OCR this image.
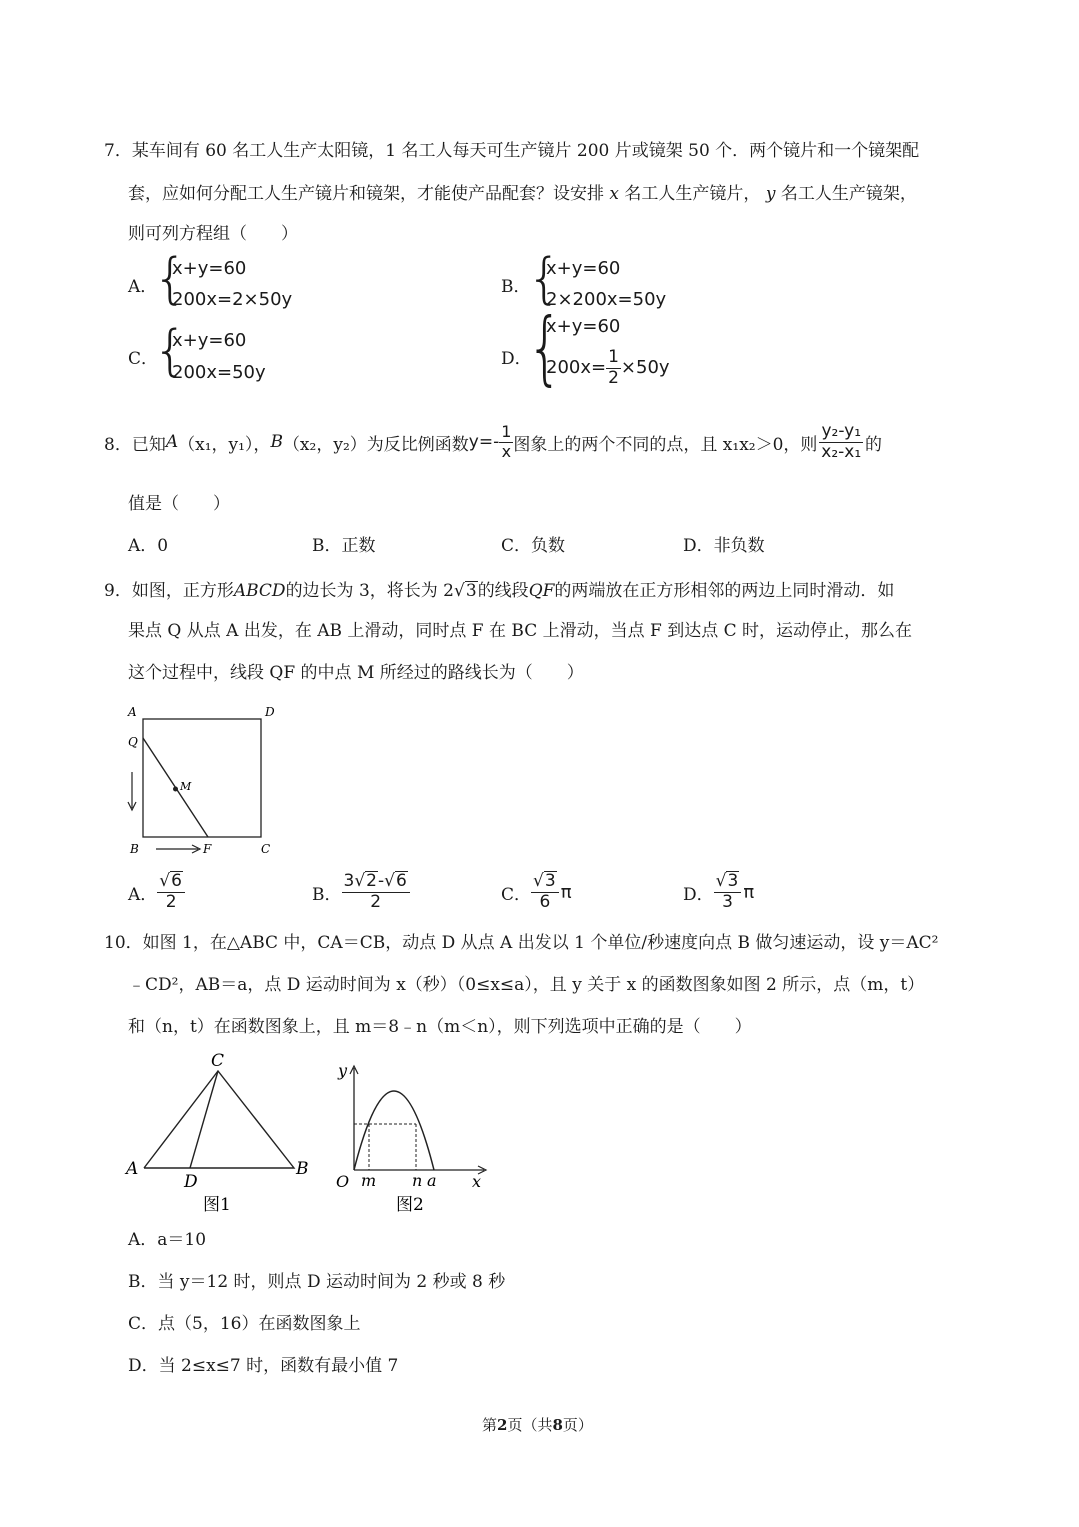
7．某车间有 60 名工人生产太阳镜，1 名工人每天可生产镜片 200 片或镜架 50 个．两个镜片和一个镜架配
套，应如何分配工人生产镜片和镜架，才能使产品配套？设安排 x 名工人生产镜片， y 名工人生产镜架，
则可列方程组（　　）
A．
{
x+y=60
200x=2×50y
B．
{
x+y=60
2×200x=50y
C．
{
x+y=60
200x=50y
D．
{
x+y=60
$200x= \frac{1}{2} \times 50y$
8．已知 A （x₁，y₁）， B （x₂，y₂）为反比例函数 $y=- \frac{1}{x}$ 图象上的两个不同的点，且 x₁x₂＞0，则 $\frac{\text{y₂-y₁}}{\text{x₂-x₁}}$ 的
值是（　　）
A．0	B．正数	C．负数	D．非负数
9．如图，正方形ABCD的边长为 3，将长为 2√3的线段QF的两端放在正方形相邻的两边上同时滑动．如
果点 Q 从点 A 出发，在 AB 上滑动，同时点 F 在 BC 上滑动，当点 F 到达点 C 时，运动停止，那么在
这个过程中，线段 QF 的中点 M 所经过的路线长为（　　）
A	D
Q
M
B	F	C
A． $\frac{√6}{2}$	B． $\frac{3√2-√6}{2}$	C． $\frac{√3}{6}$ π	D． $\frac{√3}{3}$ π
10．如图 1，在△ABC 中，CA＝CB，动点 D 从点 A 出发以 1 个单位/秒速度向点 B 做匀速运动，设 y＝AC²
﹣CD²，AB＝a，点 D 运动时间为 x（秒）（0≤x≤a），且 y 关于 x 的函数图象如图 2 所示，点（m，t）
和（n，t）在函数图象上，且 m＝8﹣n（m＜n），则下列选项中正确的是（　　）
C
A
D
B
图1
y
O m n a x
图2
A．a＝10
B．当 y＝12 时，则点 D 运动时间为 2 秒或 8 秒
C．点（5，16）在函数图象上
D．当 2≤x≤7 时，函数有最小值 7
第2页（共8页）
